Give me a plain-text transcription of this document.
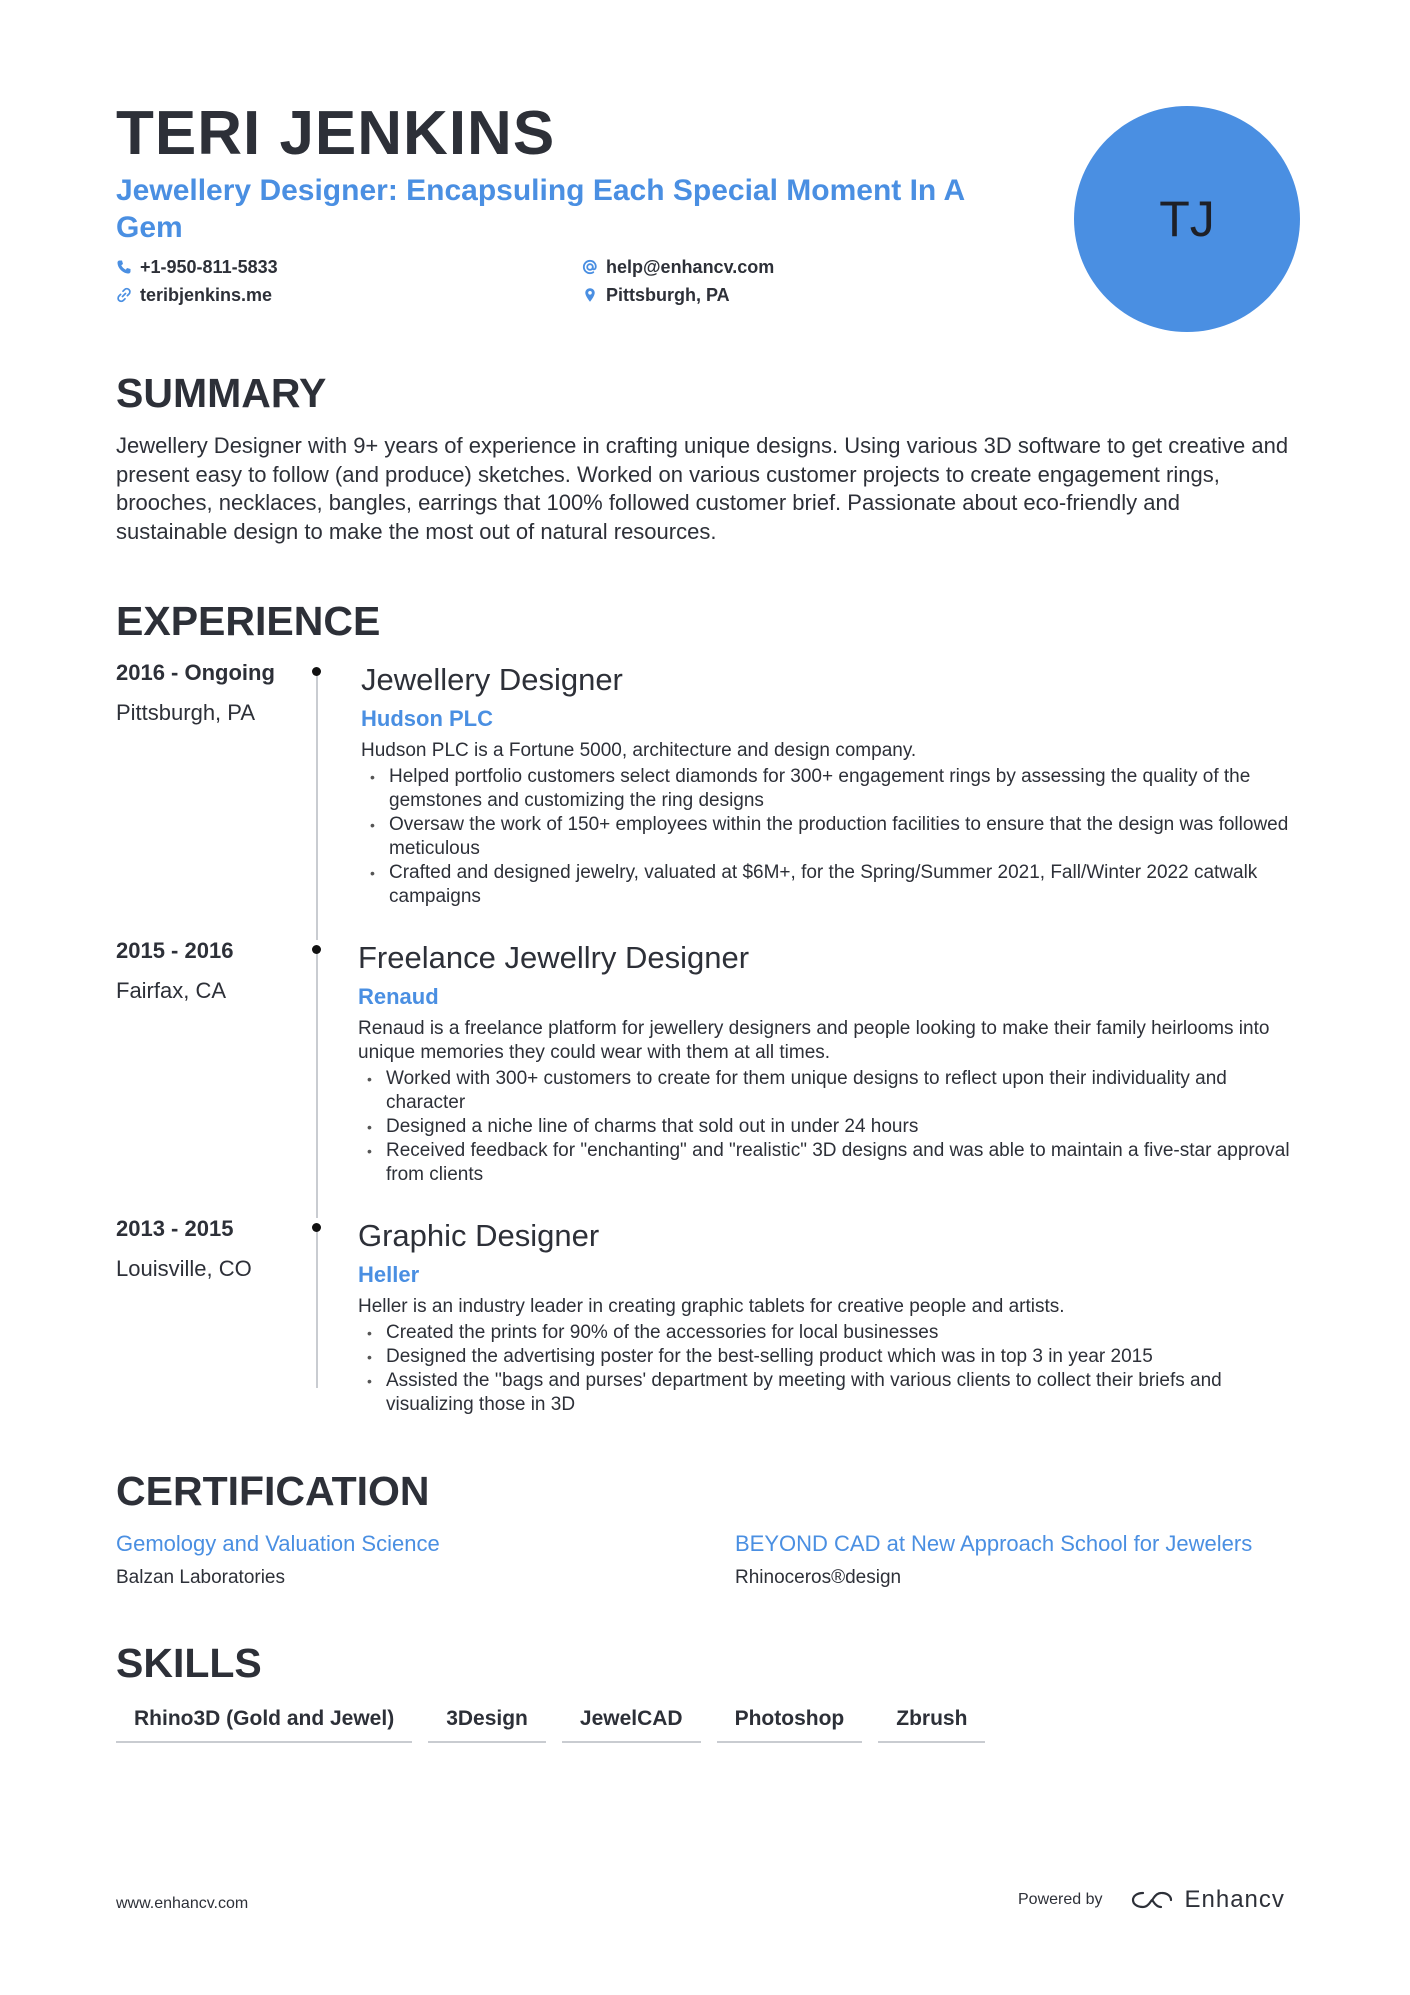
TERI JENKINS
Jewellery Designer: Encapsuling Each Special Moment In A Gem
+1-950-811-5833	help@enhancv.com
teribjenkins.me	Pittsburgh, PA
TJ
SUMMARY

Jewellery Designer with 9+ years of experience in crafting unique designs. Using various 3D software to get creative and present easy to follow (and produce) sketches. Worked on various customer projects to create engagement rings, brooches, necklaces, bangles, earrings that 100% followed customer brief. Passionate about eco-friendly and sustainable design to make the most out of natural resources.

EXPERIENCE
2016 - Ongoing
Pittsburgh, PA
Jewellery Designer
Hudson PLC
Hudson PLC is a Fortune 5000, architecture and design company.
• Helped portfolio customers select diamonds for 300+ engagement rings by assessing the quality of the gemstones and customizing the ring designs
• Oversaw the work of 150+ employees within the production facilities to ensure that the design was followed meticulous
• Crafted and designed jewelry, valuated at $6M+, for the Spring/Summer 2021, Fall/Winter 2022 catwalk campaigns
2015 - 2016
Fairfax, CA
Freelance Jewellry Designer
Renaud
Renaud is a freelance platform for jewellery designers and people looking to make their family heirlooms into unique memories they could wear with them at all times.
• Worked with 300+ customers to create for them unique designs to reflect upon their individuality and character
• Designed a niche line of charms that sold out in under 24 hours
• Received feedback for "enchanting" and "realistic" 3D designs and was able to maintain a five-star approval from clients
2013 - 2015
Louisville, CO
Graphic Designer
Heller
Heller is an industry leader in creating graphic tablets for creative people and artists.
• Created the prints for 90% of the accessories for local businesses
• Designed the advertising poster for the best-selling product which was in top 3 in year 2015
• Assisted the ''bags and purses' department by meeting with various clients to collect their briefs and visualizing those in 3D
CERTIFICATION
Gemology and Valuation Science
Balzan Laboratories
BEYOND CAD at New Approach School for Jewelers
Rhinoceros®design
SKILLS
Rhino3D (Gold and Jewel)	3Design	JewelCAD	Photoshop	Zbrush
www.enhancv.com	Powered by	Enhancv
